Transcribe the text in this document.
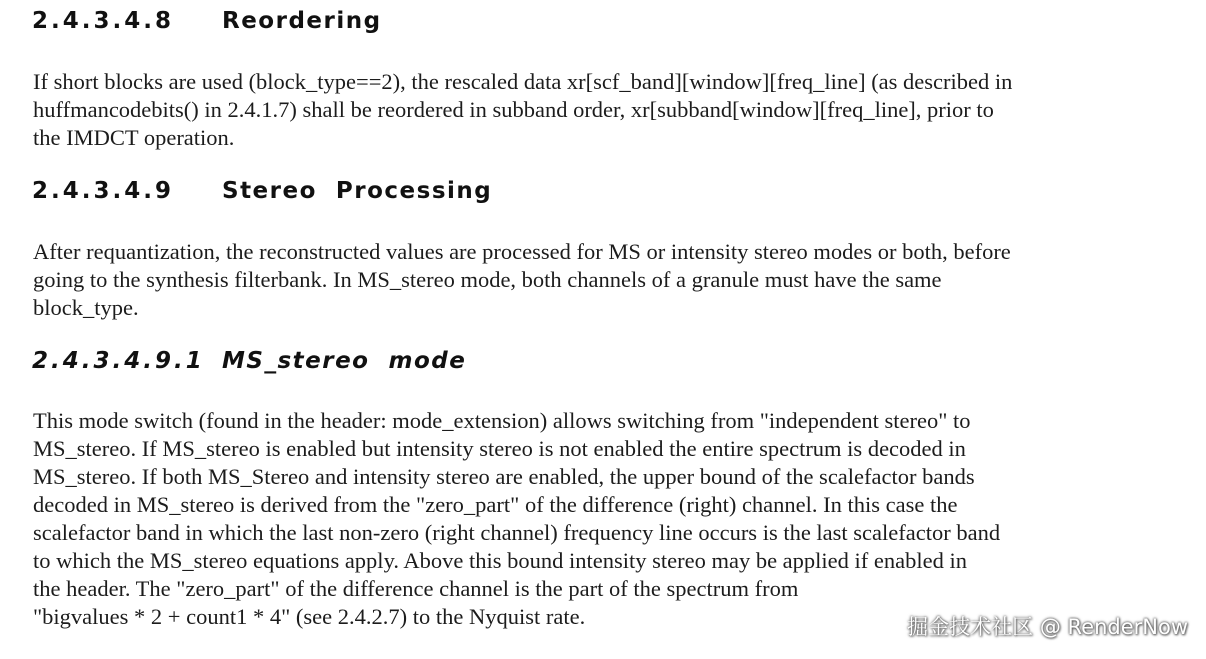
2.4.3.4.8 Reordering
If short blocks are used (block_type==2), the rescaled data xr[scf_band][window][freq_line] (as described in
huffmancodebits() in 2.4.1.7) shall be reordered in subband order, xr[subband[window][freq_line], prior to
the IMDCT operation.
2.4.3.4.9 Stereo  Processing
After requantization, the reconstructed values are processed for MS or intensity stereo modes or both, before
going to the synthesis filterbank. In MS_stereo mode, both channels of a granule must have the same
block_type.
2.4.3.4.9.1 MS_stereo  mode
This mode switch (found in the header: mode_extension) allows switching from "independent stereo" to
MS_stereo. If MS_stereo is enabled but intensity stereo is not enabled the entire spectrum is decoded in
MS_stereo. If both MS_Stereo and intensity stereo are enabled, the upper bound of the scalefactor bands
decoded in MS_stereo is derived from the "zero_part" of the difference (right) channel. In this case the
scalefactor band in which the last non-zero (right channel) frequency line occurs is the last scalefactor band
to which the MS_stereo equations apply. Above this bound intensity stereo may be applied if enabled in
the header. The "zero_part" of the difference channel is the part of the spectrum from
"bigvalues * 2 + count1 * 4" (see 2.4.2.7) to the Nyquist rate.	掘金技术社区 @ RenderNow
